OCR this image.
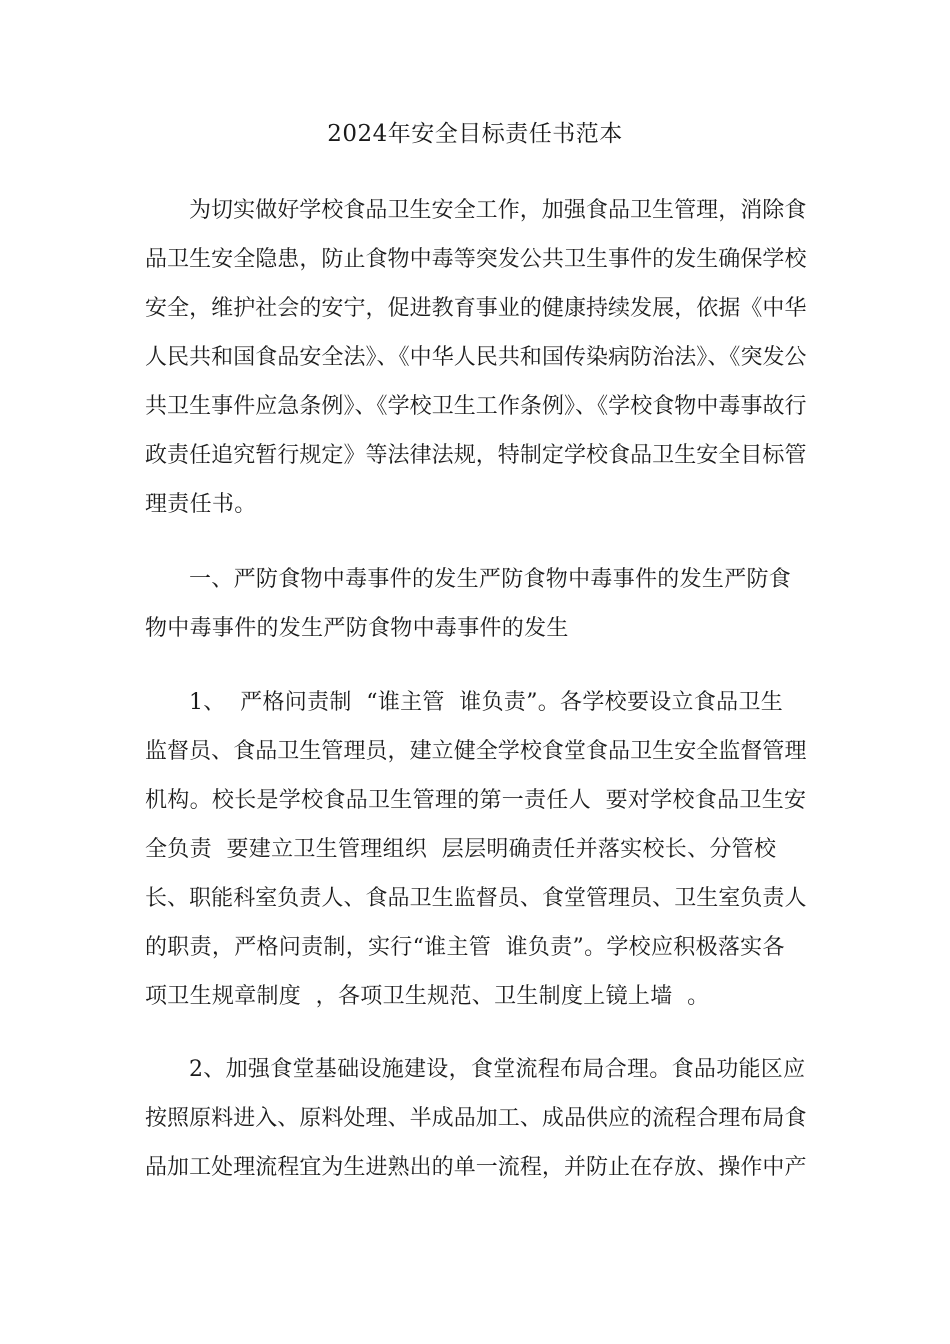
2024年安全目标责任书范本
为切实做好学校食品卫生安全工作，加强食品卫生管理，消除食
品卫生安全隐患，防止食物中毒等突发公共卫生事件的发生确保学校
安全，维护社会的安宁，促进教育事业的健康持续发展，依据《中华
人民共和国食品安全法》、《中华人民共和国传染病防治法》、《突发公
共卫生事件应急条例》、《学校卫生工作条例》、《学校食物中毒事故行
政责任追究暂行规定》等法律法规，特制定学校食品卫生安全目标管
理责任书。
一、严防食物中毒事件的发生严防食物中毒事件的发生严防食
物中毒事件的发生严防食物中毒事件的发生
1、  严格问责制  “谁主管  谁负责”。各学校要设立食品卫生
监督员、食品卫生管理员，建立健全学校食堂食品卫生安全监督管理
机构。校长是学校食品卫生管理的第一责任人  要对学校食品卫生安
全负责  要建立卫生管理组织  层层明确责任并落实校长、分管校
长、职能科室负责人、食品卫生监督员、食堂管理员、卫生室负责人
的职责，严格问责制，实行“谁主管  谁负责”。学校应积极落实各
项卫生规章制度  ，各项卫生规范、卫生制度上镜上墙  。
2、加强食堂基础设施建设，食堂流程布局合理。食品功能区应
按照原料进入、原料处理、半成品加工、成品供应的流程合理布局食
品加工处理流程宜为生进熟出的单一流程，并防止在存放、操作中产
